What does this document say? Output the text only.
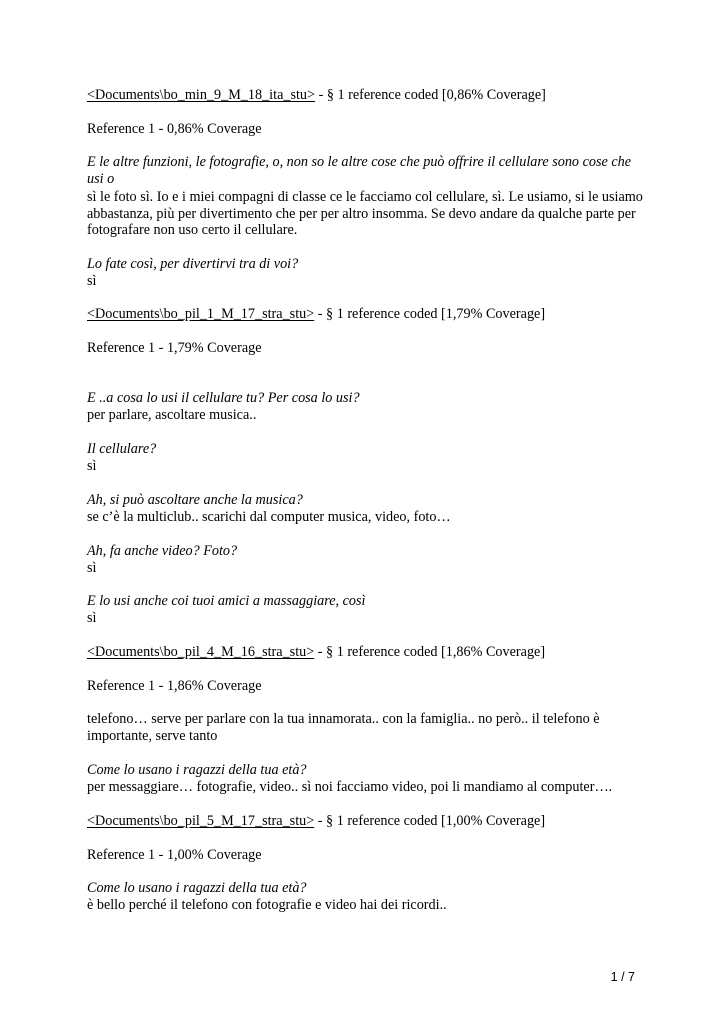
<Documents\bo_min_9_M_18_ita_stu> - § 1 reference coded [0,86% Coverage]
Reference 1 - 0,86% Coverage
E le altre funzioni, le fotografie, o, non so le altre cose che può offrire il cellulare sono cose che usi o
sì le foto sì. Io e i miei compagni di classe ce le facciamo col cellulare, sì. Le usiamo, si le usiamo abbastanza, più per divertimento che per per altro insomma. Se devo andare da qualche parte per fotografare non uso certo il cellulare.
Lo fate così, per divertirvi tra di voi?
sì
<Documents\bo_pil_1_M_17_stra_stu> - § 1 reference coded [1,79% Coverage]
Reference 1 - 1,79% Coverage
E ..a cosa lo usi il cellulare tu? Per cosa lo usi?
per parlare, ascoltare musica..
Il cellulare?
sì
Ah, si può ascoltare anche la musica?
se c’è la multiclub.. scarichi dal computer musica, video, foto…
Ah, fa anche video? Foto?
sì
E lo usi anche coi tuoi amici a massaggiare, così
sì
<Documents\bo_pil_4_M_16_stra_stu> - § 1 reference coded [1,86% Coverage]
Reference 1 - 1,86% Coverage
telefono… serve per parlare con la tua innamorata.. con la famiglia.. no però.. il telefono è importante, serve tanto
Come lo usano i ragazzi della tua età?
per messaggiare… fotografie, video.. sì noi facciamo video, poi li mandiamo al computer….
<Documents\bo_pil_5_M_17_stra_stu> - § 1 reference coded [1,00% Coverage]
Reference 1 - 1,00% Coverage
Come lo usano i ragazzi della tua età?
è bello perché il telefono con fotografie e video hai dei ricordi..
1 / 7
